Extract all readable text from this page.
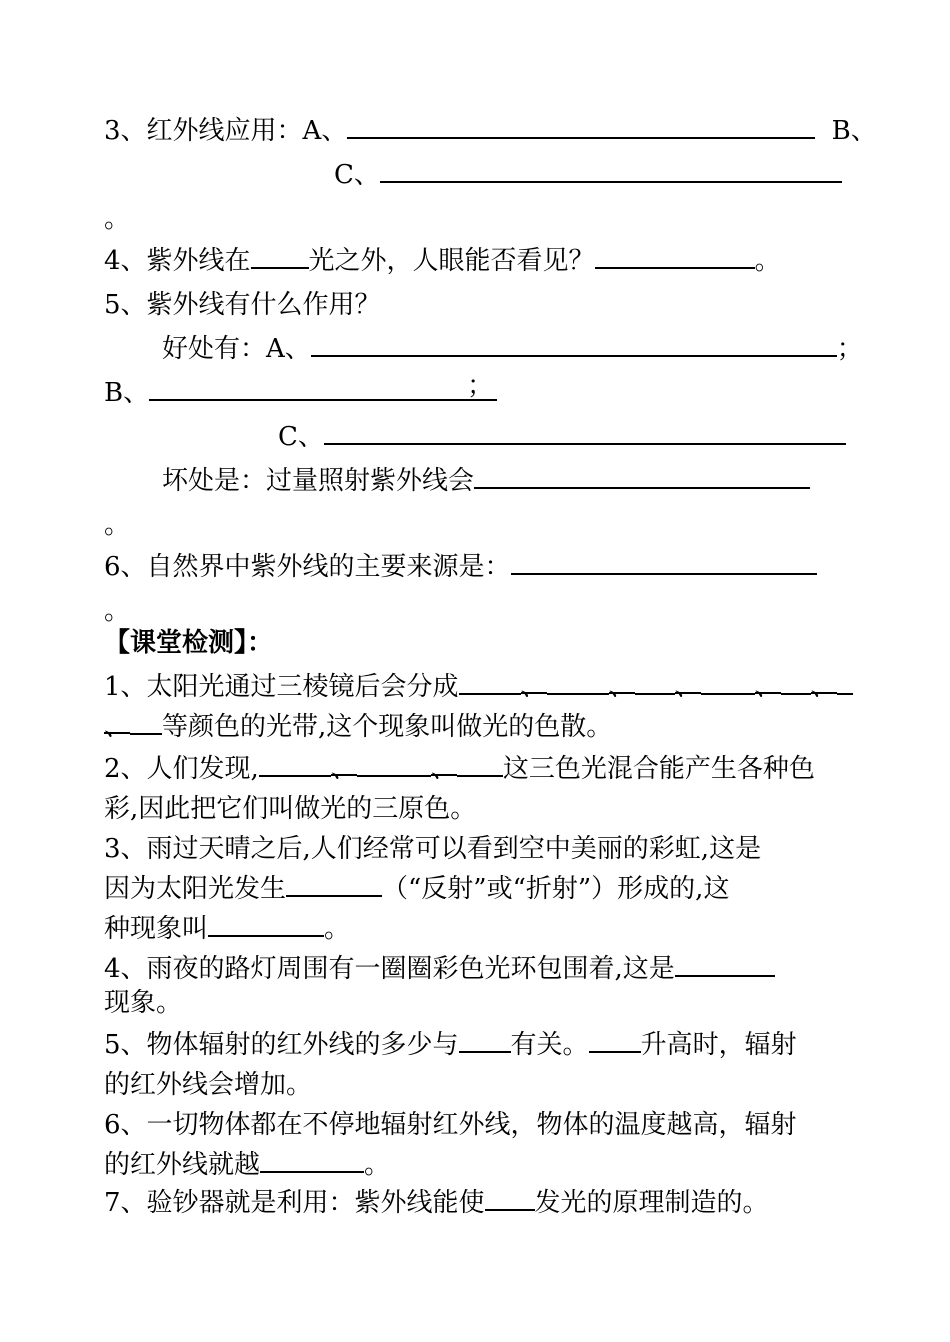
3、红外线应用：A、	B、
C、
。
4、紫外线在 光之外，人眼能否看见？	。
5、紫外线有什么作用？
好处有：A、	；
B、	；
C、
坏处是：过量照射紫外线会
。
6、自然界中紫外线的主要来源是：
。
【课堂检测】：
1、太阳光通过三棱镜后会分成 、 、 、 、 、
、 等颜色的光带,这个现象叫做光的色散。
2、人们发现,	、	、 这三色光混合能产生各种色
彩,因此把它们叫做光的三原色。
3、雨过天晴之后,人们经常可以看到空中美丽的彩虹,这是
因为太阳光发生	（“反射”或“折射”）形成的,这
种现象叫	。
4、雨夜的路灯周围有一圈圈彩色光环包围着,这是
现象。
5、物体辐射的红外线的多少与 有关。 升高时，辐射
的红外线会增加。
6、一切物体都在不停地辐射红外线，物体的温度越高，辐射
的红外线就越	。
7、验钞器就是利用：紫外线能使 发光的原理制造的。
